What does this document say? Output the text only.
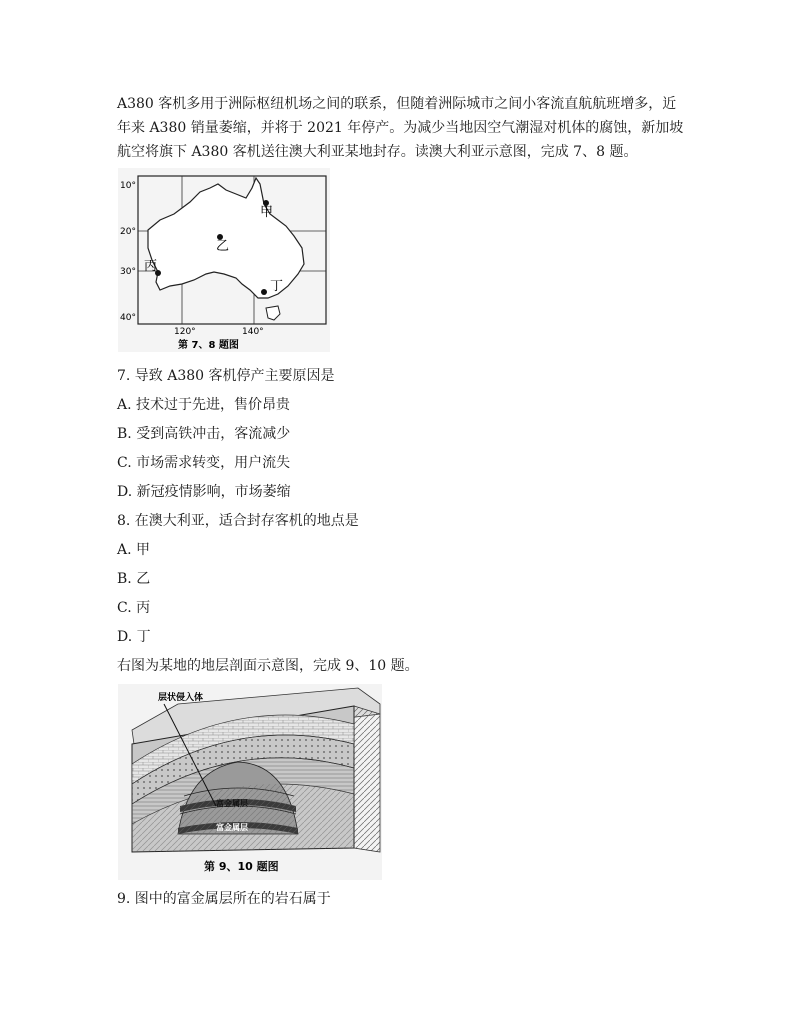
A380 客机多用于洲际枢纽机场之间的联系，但随着洲际城市之间小客流直航航班增多，近年来 A380 销量萎缩，并将于 2021 年停产。为减少当地因空气潮湿对机体的腐蚀，新加坡航空将旗下 A380 客机送往澳大利亚某地封存。读澳大利亚示意图，完成 7、8 题。
甲
乙
丙
丁
10°
20°
30°
40°
120°	140°
第 7、8 题图
7. 导致 A380 客机停产主要原因是
A. 技术过于先进，售价昂贵
B. 受到高铁冲击，客流减少
C. 市场需求转变，用户流失
D. 新冠疫情影响，市场萎缩
8. 在澳大利亚，适合封存客机的地点是
A. 甲
B. 乙
C. 丙
D. 丁
右图为某地的地层剖面示意图，完成 9、10 题。
层状侵入体
富金属层
富金属层
第 9、10 题图
9. 图中的富金属层所在的岩石属于
